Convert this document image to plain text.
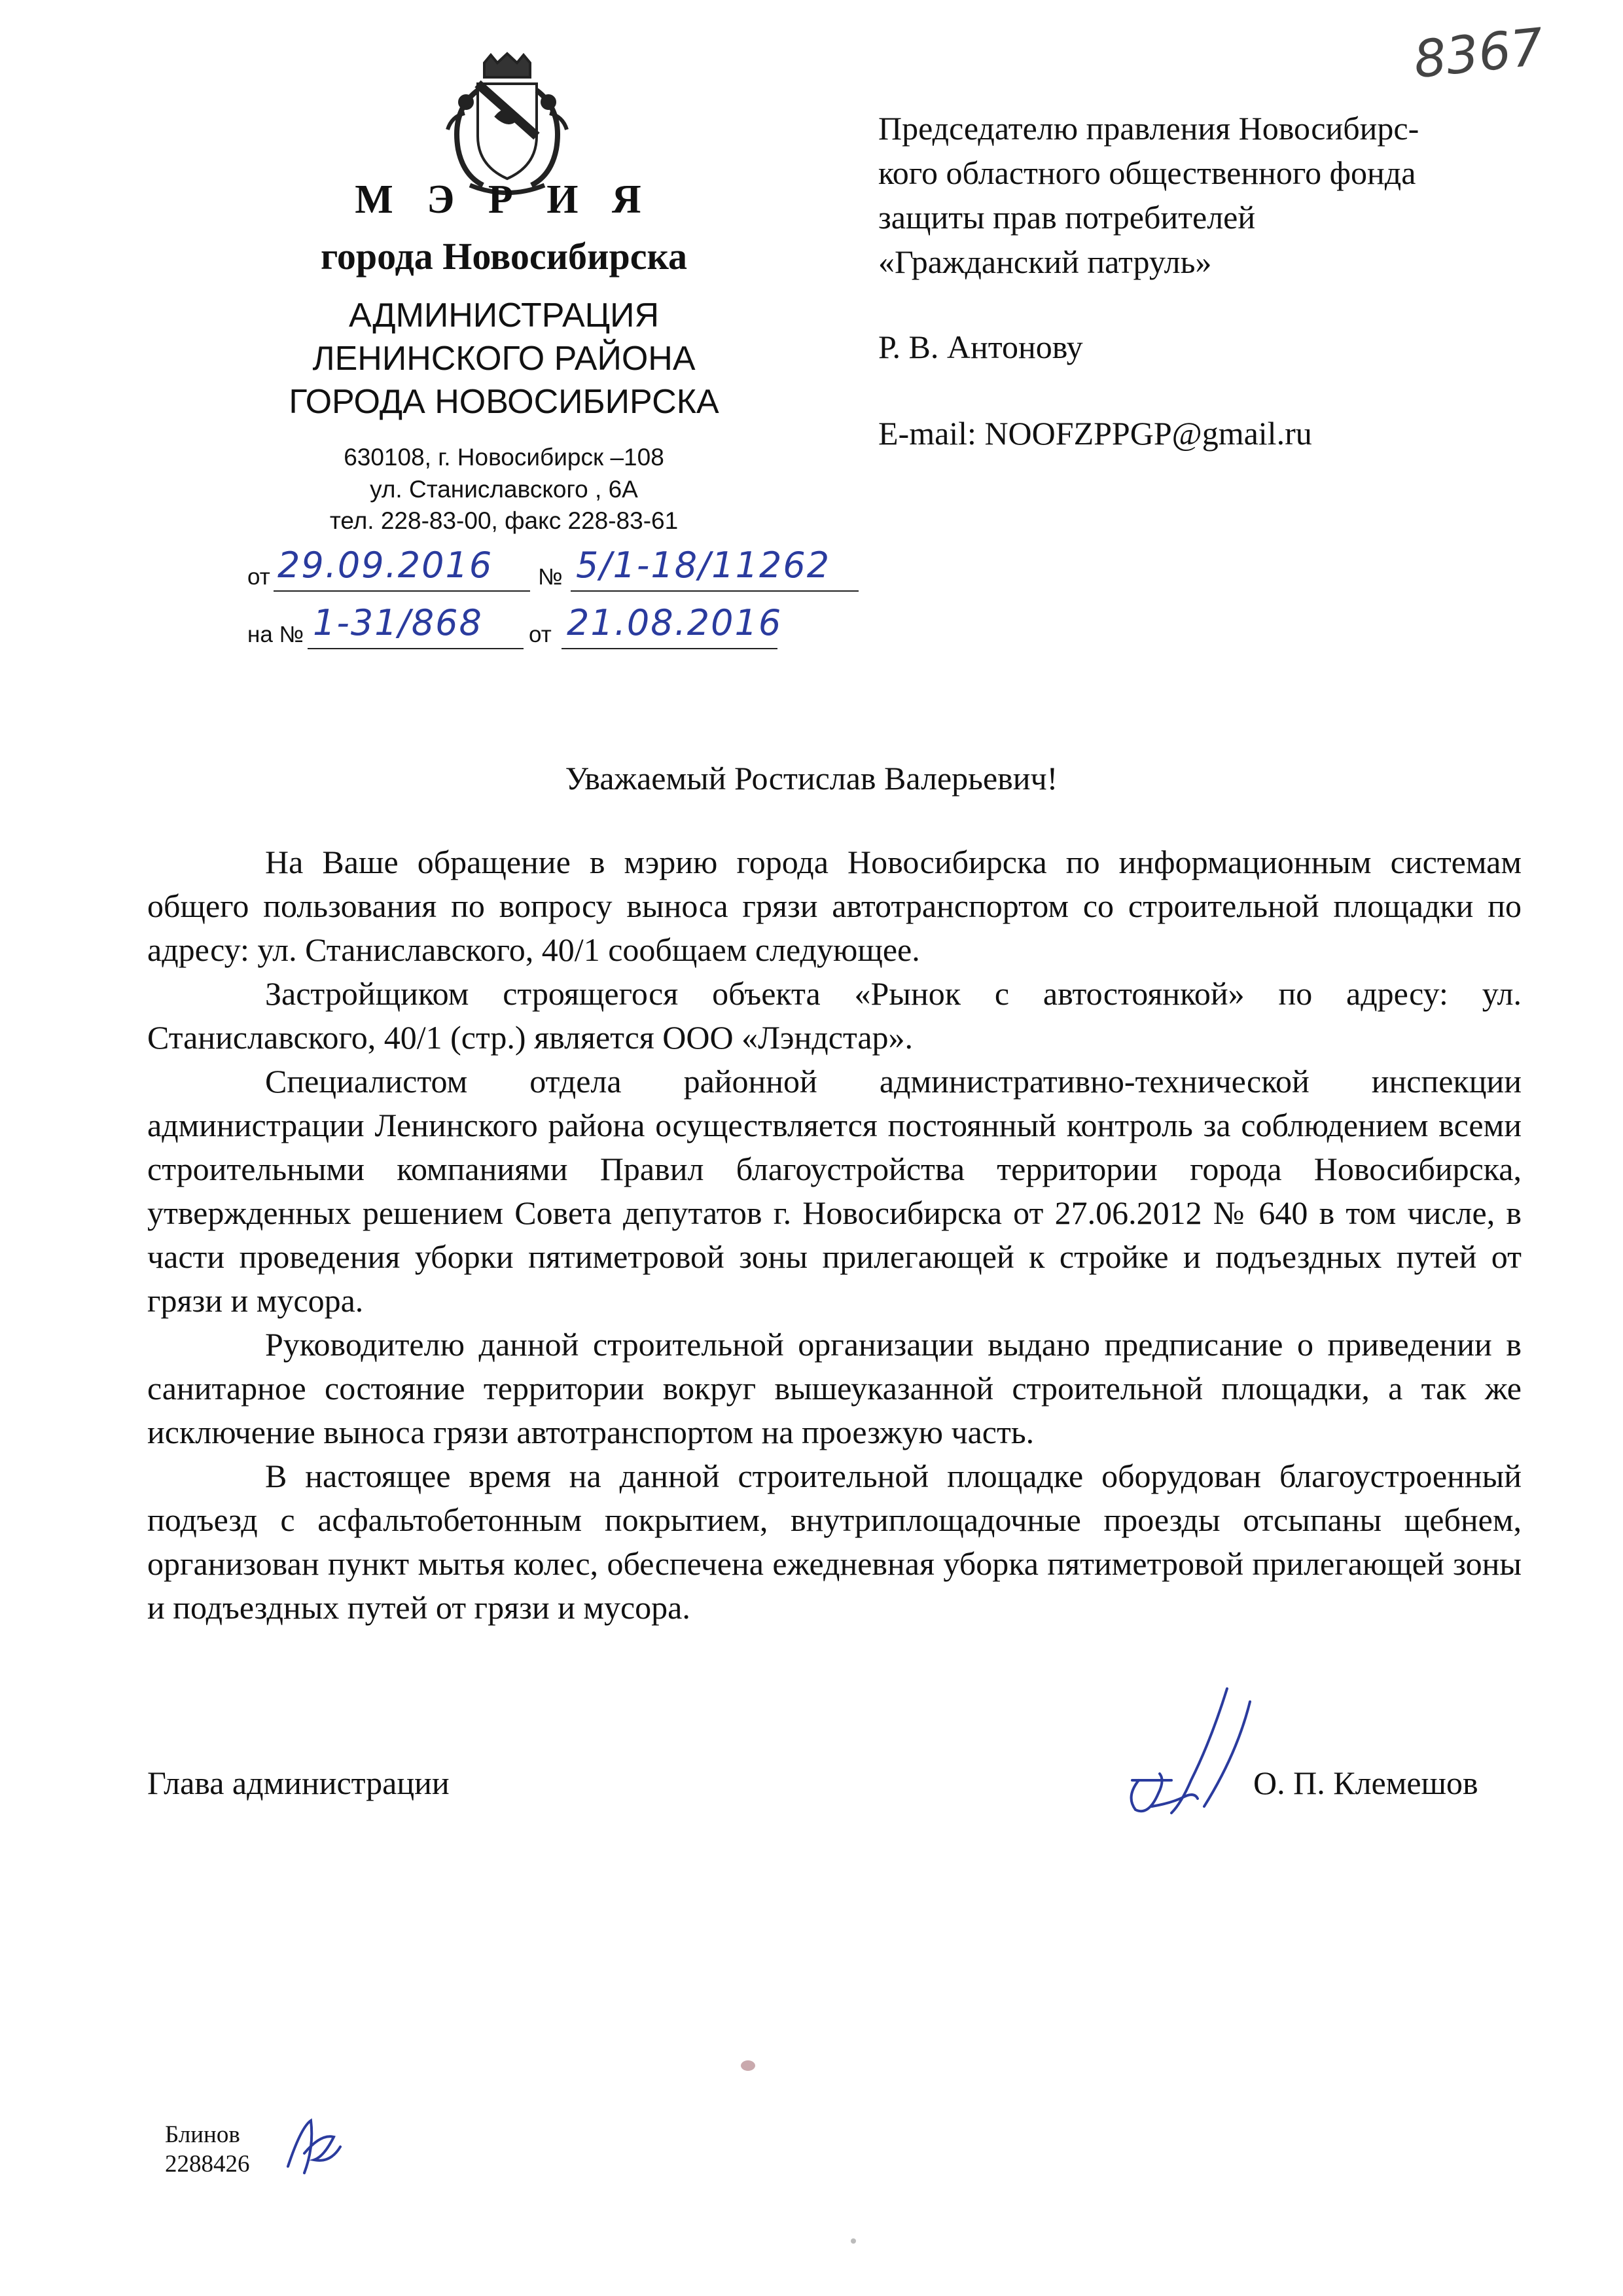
8367
М Э Р И Я
города Новосибирска
АДМИНИСТРАЦИЯ
ЛЕНИНСКОГО РАЙОНА
ГОРОДА НОВОСИБИРСКА
630108, г. Новосибирск –108
ул. Станиславского , 6А
тел. 228-83-00, факс 228-83-61
от 29.09.2016 № 5/1-18/11262
на № 1-31/868 от 21.08.2016
Председателю правления Новосибирс-
кого областного общественного фонда
защиты прав потребителей
«Гражданский патруль»
Р. В. Антонову
E-mail: NOOFZPPGP@gmail.ru
Уважаемый Ростислав Валерьевич!

На Ваше обращение в мэрию города Новосибирска по информационным системам общего пользования по вопросу выноса грязи автотранспортом со строительной площадки по адресу: ул. Станиславского, 40/1 сообщаем следующее.

Застройщиком строящегося объекта «Рынок с автостоянкой» по адресу: ул. Станиславского, 40/1 (стр.) является ООО «Лэндстар».

Специалистом отдела районной административно-технической инспекции администрации Ленинского района осуществляется постоянный контроль за соблюдением всеми строительными компаниями Правил благоустройства территории города Новосибирска, утвержденных решением Совета депутатов г. Новосибирска от 27.06.2012 № 640 в том числе, в части проведения уборки пятиметровой зоны прилегающей к стройке и подъездных путей от грязи и мусора.

Руководителю данной строительной организации выдано предписание о приведении в санитарное состояние территории вокруг вышеуказанной строительной площадки, а так же исключение выноса грязи автотранспортом на проезжую часть.

В настоящее время на данной строительной площадке оборудован благоустроенный подъезд с асфальтобетонным покрытием, внутриплощадочные проезды отсыпаны щебнем, организован пункт мытья колес, обеспечена ежедневная уборка пятиметровой прилегающей зоны и подъездных путей от грязи и мусора.

Глава администрации	О. П. Клемешов
Блинов
2288426
